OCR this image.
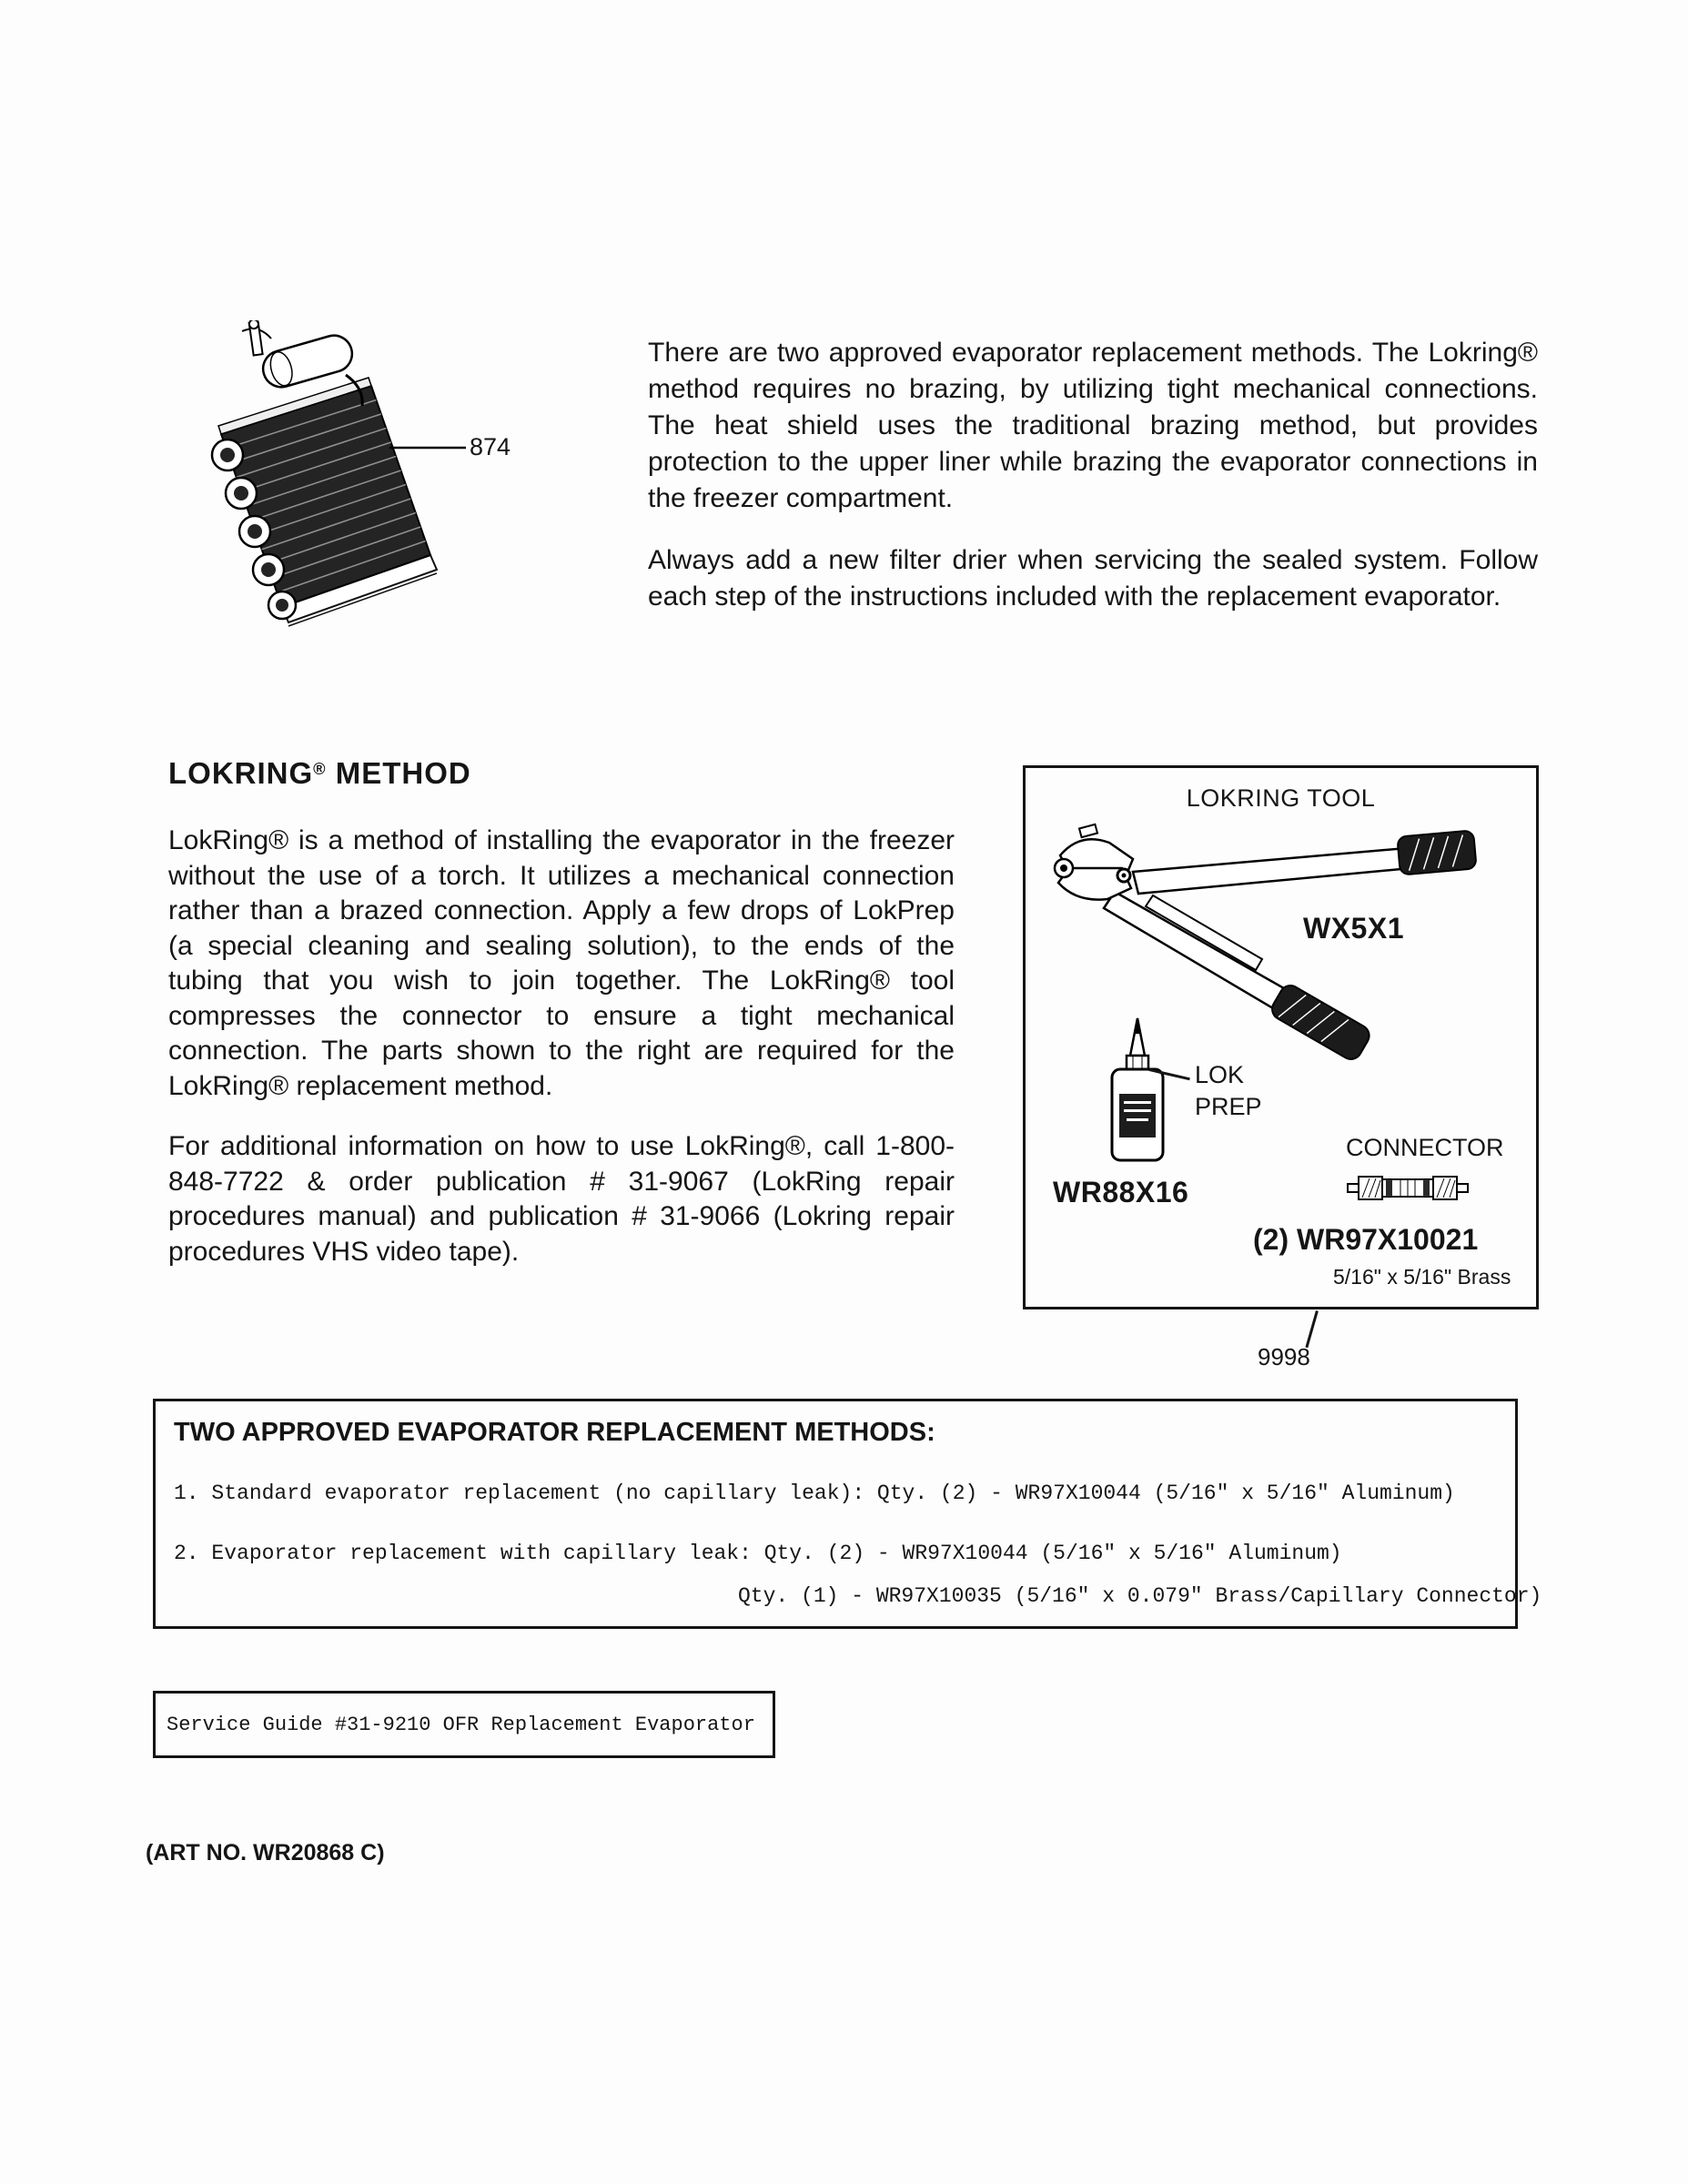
874

There are two approved evaporator replacement methods. The Lokring® method requires no brazing, by utilizing tight mechanical connections. The heat shield uses the traditional brazing method, but provides protection to the upper liner while brazing the evaporator connections in the freezer compartment.

Always add a new filter drier when servicing the sealed system. Follow each step of the instructions included with the replacement evaporator.

LOKRING® METHOD

LokRing® is a method of installing the evaporator in the freezer without the use of a torch. It utilizes a mechanical connection rather than a brazed connection. Apply a few drops of LokPrep (a special cleaning and sealing solution), to the ends of the tubing that you wish to join together. The LokRing® tool compresses the connector to ensure a tight mechanical connection. The parts shown to the right are required for the LokRing® replacement method.

For additional information on how to use LokRing®, call 1-800-848-7722 & order publication # 31-9067 (LokRing repair procedures manual) and publication # 31-9066 (Lokring repair procedures VHS video tape).

LOKRING TOOL
WX5X1
LOK
PREP
WR88X16
CONNECTOR
(2) WR97X10021
5/16" x 5/16" Brass
9998
TWO APPROVED EVAPORATOR REPLACEMENT METHODS:
1. Standard evaporator replacement (no capillary leak): Qty. (2) - WR97X10044 (5/16" x 5/16" Aluminum)
2. Evaporator replacement with capillary leak: Qty. (2) - WR97X10044 (5/16" x 5/16" Aluminum)
Qty. (1) - WR97X10035 (5/16" x 0.079" Brass/Capillary Connector)
Service Guide #31-9210 OFR Replacement Evaporator
(ART NO. WR20868 C)
